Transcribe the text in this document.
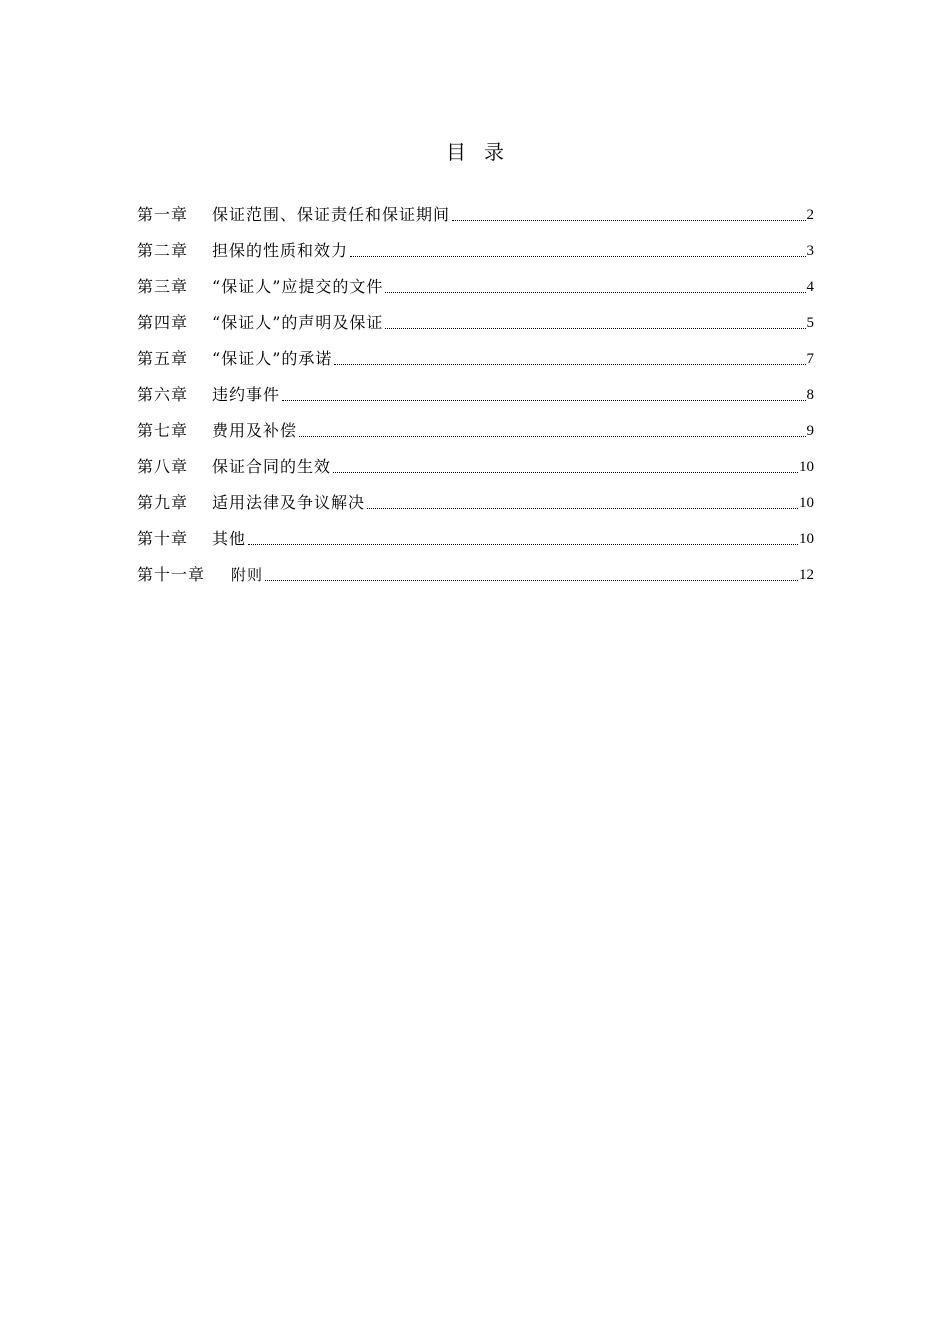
目录
第一章 保证范围、保证责任和保证期间	2
第二章 担保的性质和效力	3
第三章 “保证人”应提交的文件	4
第四章 “保证人”的声明及保证	5
第五章 “保证人”的承诺	7
第六章 违约事件	8
第七章 费用及补偿	9
第八章 保证合同的生效	10
第九章 适用法律及争议解决	10
第十章 其他	10
第十一章 附则	12
